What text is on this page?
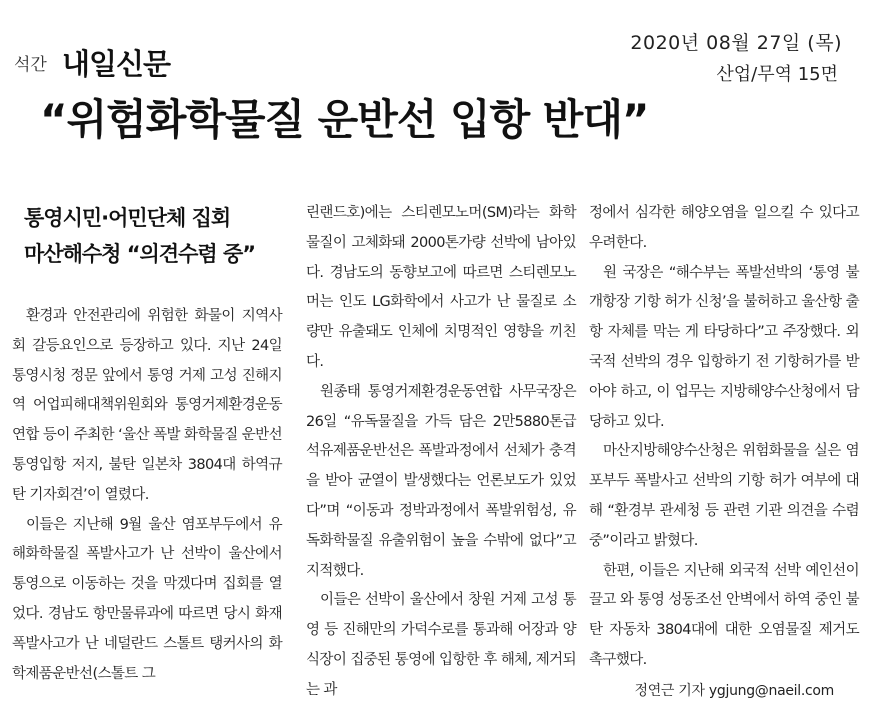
석간 내일신문
2020년 08월 27일 (목)
산업/무역 15면
“위험화학물질 운반선 입항 반대”
통영시민·어민단체 집회
마산해수청 “의견수렴 중”

환경과 안전관리에 위험한 화물이 지역사회 갈등요인으로 등장하고 있다. 지난 24일 통영시청 정문 앞에서 통영 거제 고성 진해지역 어업피해대책위원회와 통영거제환경운동연합 등이 주최한 ‘울산 폭발 화학물질 운반선 통영입항 저지, 불탄 일본차 3804대 하역규탄 기자회견’이 열렸다.

이들은 지난해 9월 울산 염포부두에서 유해화학물질 폭발사고가 난 선박이 울산에서 통영으로 이동하는 것을 막겠다며 집회를 열었다. 경남도 항만물류과에 따르면 당시 화재 폭발사고가 난 네덜란드 스톨트 탱커사의 화학제품운반선(스톨트 그

린랜드호)에는 스티렌모노머(SM)라는 화학물질이 고체화돼 2000톤가량 선박에 남아있다. 경남도의 동향보고에 따르면 스티렌모노머는 인도 LG화학에서 사고가 난 물질로 소량만 유출돼도 인체에 치명적인 영향을 끼친다.

원종태 통영거제환경운동연합 사무국장은 26일 “유독물질을 가득 담은 2만5880톤급 석유제품운반선은 폭발과정에서 선체가 충격을 받아 균열이 발생했다는 언론보도가 있었다”며 “이동과 정박과정에서 폭발위험성, 유독화학물질 유출위험이 높을 수밖에 없다”고 지적했다.

이들은 선박이 울산에서 창원 거제 고성 통영 등 진해만의 가덕수로를 통과해 어장과 양식장이 집중된 통영에 입항한 후 해체, 제거되는 과

정에서 심각한 해양오염을 일으킬 수 있다고 우려한다.

원 국장은 “해수부는 폭발선박의 ‘통영 불개항장 기항 허가 신청’을 불허하고 울산항 출항 자체를 막는 게 타당하다”고 주장했다. 외국적 선박의 경우 입항하기 전 기항허가를 받아야 하고, 이 업무는 지방해양수산청에서 담당하고 있다.

마산지방해양수산청은 위험화물을 실은 염포부두 폭발사고 선박의 기항 허가 여부에 대해 “환경부 관세청 등 관련 기관 의견을 수렴 중”이라고 밝혔다.

한편, 이들은 지난해 외국적 선박 예인선이 끌고 와 통영 성동조선 안벽에서 하역 중인 불탄 자동차 3804대에 대한 오염물질 제거도 촉구했다.

정연근 기자 ygjung@naeil.com
